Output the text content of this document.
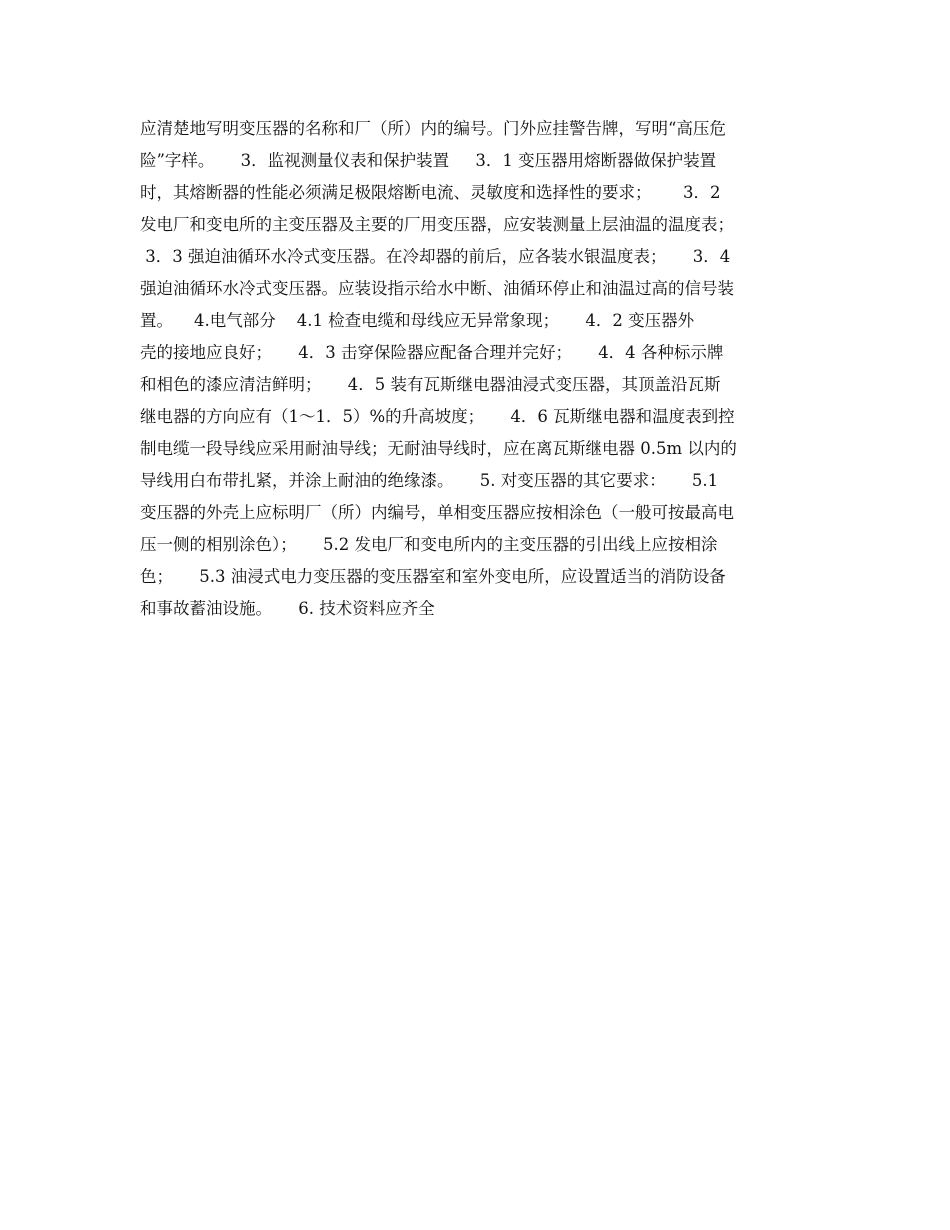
应清楚地写明变压器的名称和厂（所）内的编号。门外应挂警告牌，写明“高压危
险”字样。     3．监视测量仪表和保护装置     3．1 变压器用熔断器做保护装置
时，其熔断器的性能必须满足极限熔断电流、灵敏度和选择性的要求；      3．2
发电厂和变电所的主变压器及主要的厂用变压器，应安装测量上层油温的温度表；
3．3 强迫油循环水冷式变压器。在冷却器的前后，应各装水银温度表；     3．4
强迫油循环水冷式变压器。应装设指示给水中断、油循环停止和油温过高的信号装
置。    4.电气部分    4.1 检查电缆和母线应无异常象现；     4．2 变压器外
壳的接地应良好；     4．3 击穿保险器应配备合理并完好；     4．4 各种标示牌
和相色的漆应清洁鲜明；     4．5 装有瓦斯继电器油浸式变压器，其顶盖沿瓦斯
继电器的方向应有（1～1．5）%的升高坡度；     4．6 瓦斯继电器和温度表到控
制电缆一段导线应采用耐油导线；无耐油导线时，应在离瓦斯继电器 0.5m 以内的
导线用白布带扎紧，并涂上耐油的绝缘漆。     5. 对变压器的其它要求：     5.1
变压器的外壳上应标明厂（所）内编号，单相变压器应按相涂色（一般可按最高电
压一侧的相别涂色）；     5.2 发电厂和变电所内的主变压器的引出线上应按相涂
色；     5.3 油浸式电力变压器的变压器室和室外变电所，应设置适当的消防设备
和事故蓄油设施。     6. 技术资料应齐全
